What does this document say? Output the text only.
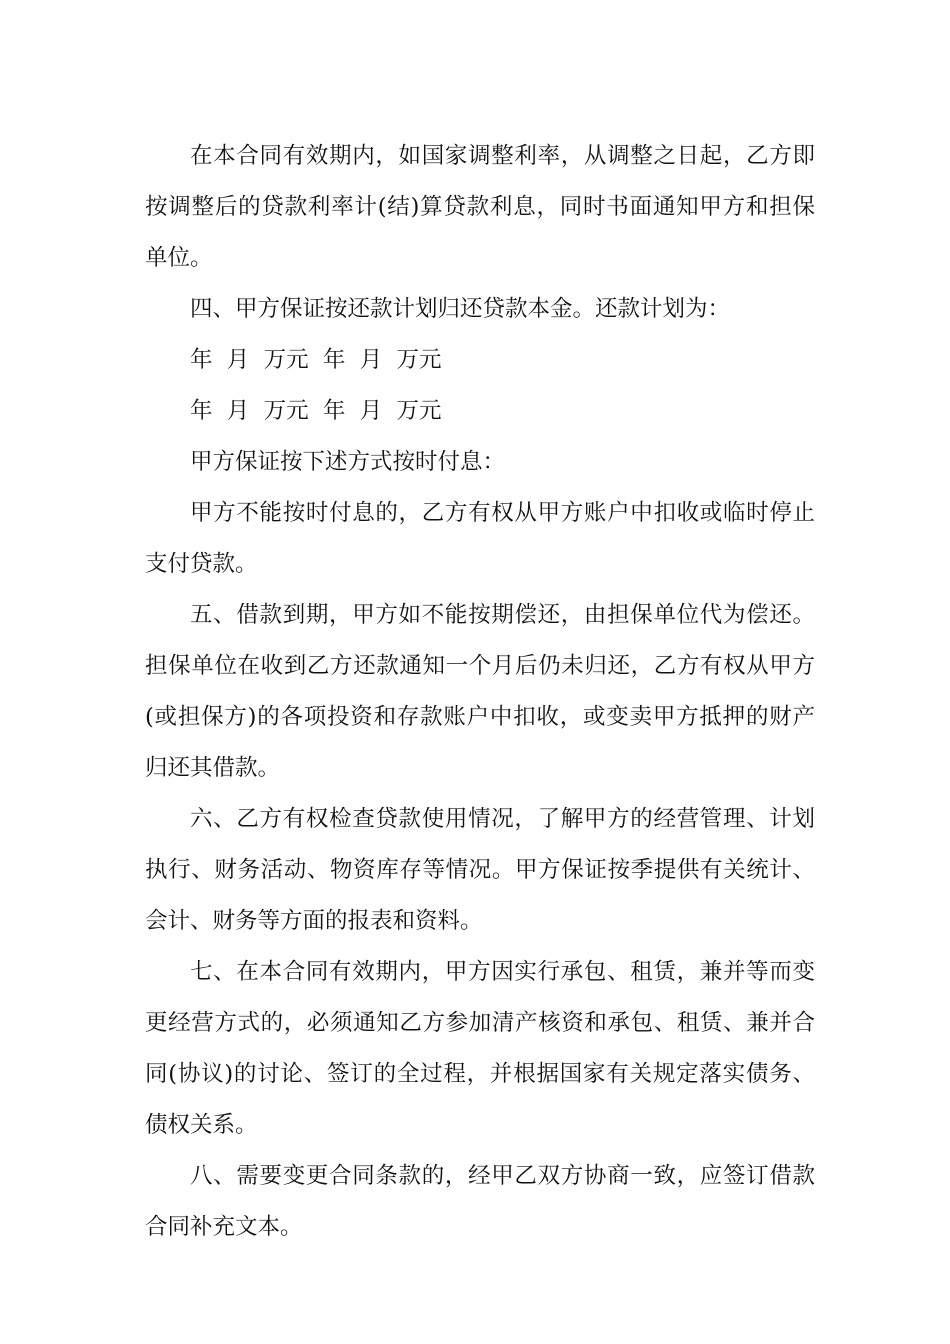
在本合同有效期内，如国家调整利率，从调整之日起，乙方即按调整后的贷款利率计(结)算贷款利息，同时书面通知甲方和担保单位。

四、甲方保证按还款计划归还贷款本金。还款计划为：

年  月  万元  年  月  万元

年  月  万元  年  月  万元

甲方保证按下述方式按时付息：

甲方不能按时付息的，乙方有权从甲方账户中扣收或临时停止支付贷款。

五、借款到期，甲方如不能按期偿还，由担保单位代为偿还。担保单位在收到乙方还款通知一个月后仍未归还，乙方有权从甲方(或担保方)的各项投资和存款账户中扣收，或变卖甲方抵押的财产归还其借款。

六、乙方有权检查贷款使用情况，了解甲方的经营管理、计划执行、财务活动、物资库存等情况。甲方保证按季提供有关统计、会计、财务等方面的报表和资料。

七、在本合同有效期内，甲方因实行承包、租赁，兼并等而变更经营方式的，必须通知乙方参加清产核资和承包、租赁、兼并合同(协议)的讨论、签订的全过程，并根据国家有关规定落实债务、债权关系。

八、需要变更合同条款的，经甲乙双方协商一致，应签订借款合同补充文本。
